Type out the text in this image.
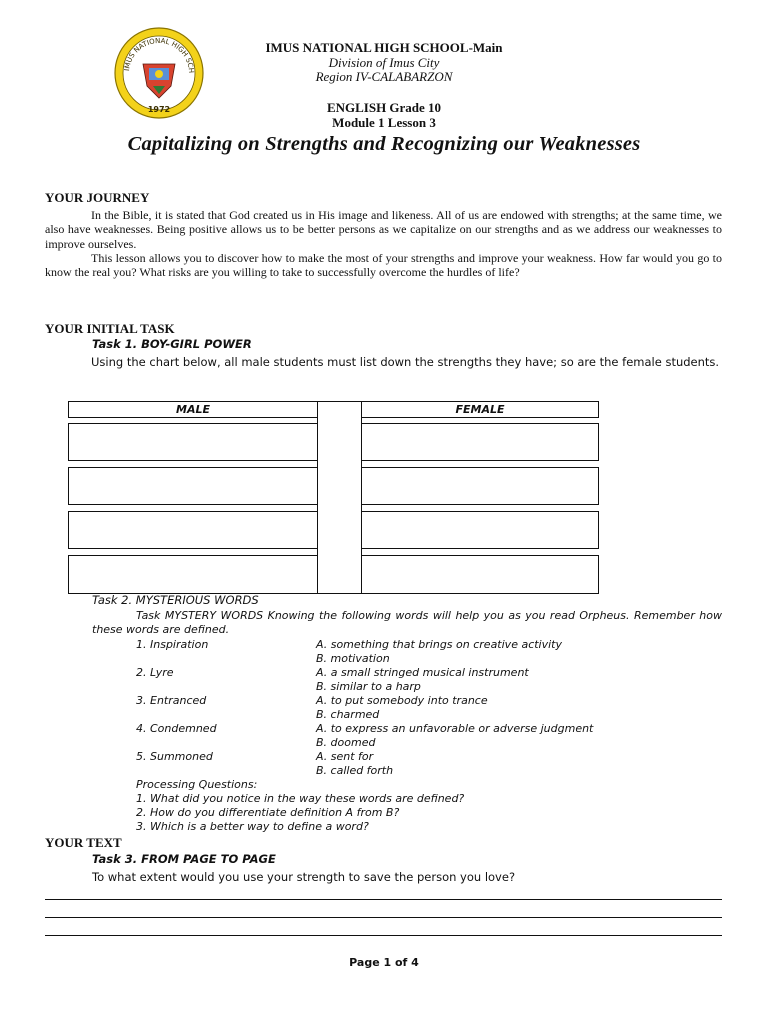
IMUS NATIONAL HIGH SCH
1972
IMUS NATIONAL HIGH SCHOOL-Main
Division of Imus City
Region IV-CALABARZON
ENGLISH Grade 10
Module 1 Lesson 3
Capitalizing on Strengths and Recognizing our Weaknesses
YOUR JOURNEY
In the Bible, it is stated that God created us in His image and likeness. All of us are endowed with strengths; at the same time, we also have weaknesses. Being positive allows us to be better persons as we capitalize on our strengths and as we address our weaknesses to improve ourselves.
This lesson allows you to discover how to make the most of your strengths and improve your weakness. How far would you go to know the real you? What risks are you willing to take to successfully overcome the hurdles of life?
YOUR INITIAL TASK
Task 1. BOY-GIRL POWER
Using the chart below, all male students must list down the strengths they have; so are the female students.
MALE	FEMALE
Task 2. MYSTERIOUS WORDS
Task MYSTERY WORDS Knowing the following words will help you as you read Orpheus. Remember how these words are defined.
1. Inspiration	A. something that brings on creative activity
B. motivation
2. Lyre	A. a small stringed musical instrument
B. similar to a harp
3. Entranced	A. to put somebody into trance
B. charmed
4. Condemned	A. to express an unfavorable or adverse judgment
B. doomed
5. Summoned	A. sent for
B. called forth
Processing Questions:
1. What did you notice in the way these words are defined?
2. How do you differentiate definition A from B?
3. Which is a better way to define a word?
YOUR TEXT
Task 3. FROM PAGE TO PAGE
To what extent would you use your strength to save the person you love?
Page 1 of 4
